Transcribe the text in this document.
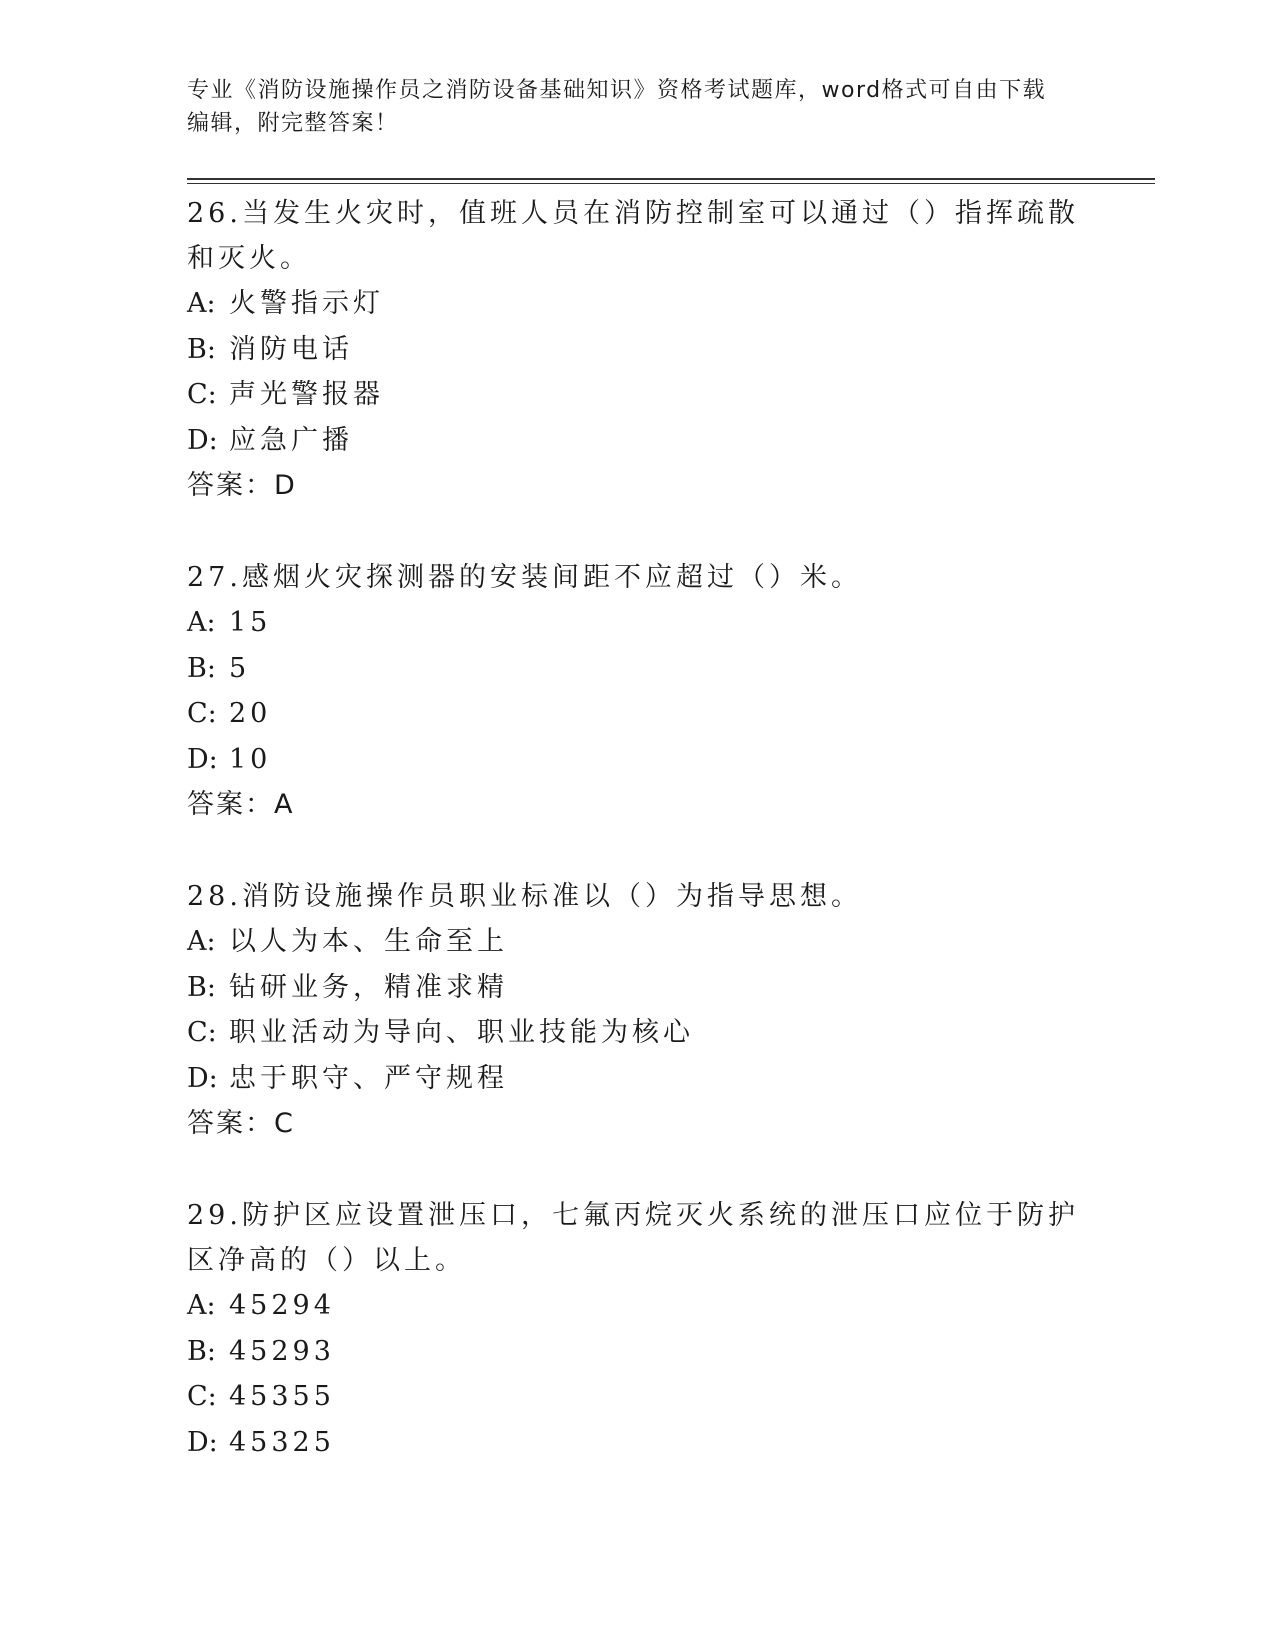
专业《消防设施操作员之消防设备基础知识》资格考试题库，word格式可自由下载编辑，附完整答案！
26.当发生火灾时，值班人员在消防控制室可以通过（）指挥疏散和灭火。
A: 火警指示灯
B: 消防电话
C: 声光警报器
D: 应急广播
答案：D
27.感烟火灾探测器的安装间距不应超过（）米。
A: 15
B: 5
C: 20
D: 10
答案：A
28.消防设施操作员职业标准以（）为指导思想。
A: 以人为本、生命至上
B: 钻研业务，精准求精
C: 职业活动为导向、职业技能为核心
D: 忠于职守、严守规程
答案：C
29.防护区应设置泄压口，七氟丙烷灭火系统的泄压口应位于防护区净高的（）以上。
A: 45294
B: 45293
C: 45355
D: 45325
